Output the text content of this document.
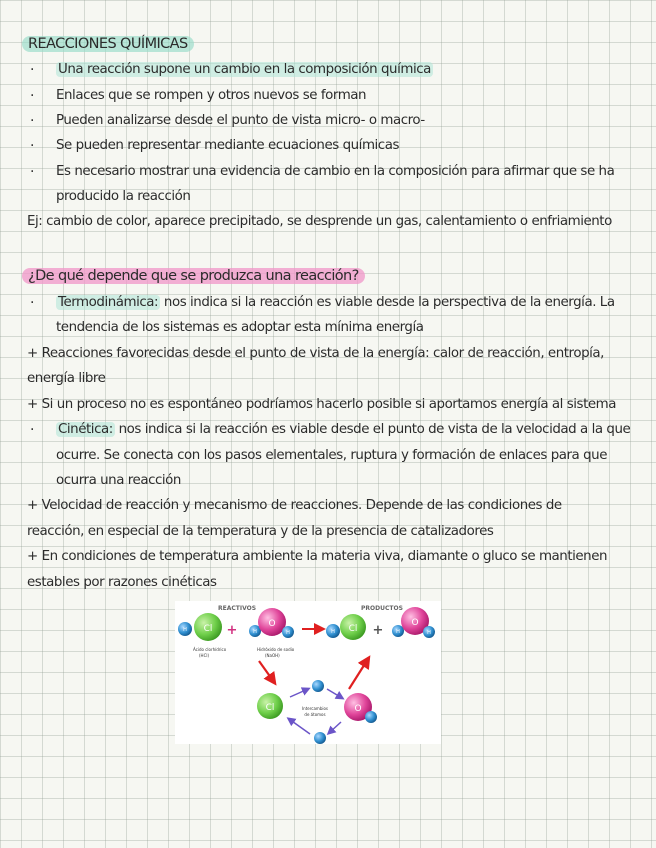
REACCIONES QUÍMICAS
· Una reacción supone un cambio en la composición química
· Enlaces que se rompen y otros nuevos se forman
· Pueden analizarse desde el punto de vista micro- o macro-
· Se pueden representar mediante ecuaciones químicas
· Es necesario mostrar una evidencia de cambio en la composición para afirmar que se ha
producido la reacción
Ej: cambio de color, aparece precipitado, se desprende un gas, calentamiento o enfriamiento
¿De qué depende que se produzca una reacción?
· Termodinámica: nos indica si la reacción es viable desde la perspectiva de la energía. La
tendencia de los sistemas es adoptar esta mínima energía
+ Reacciones favorecidas desde el punto de vista de la energía: calor de reacción, entropía,
energía libre
+ Si un proceso no es espontáneo podríamos hacerlo posible si aportamos energía al sistema
· Cinética: nos indica si la reacción es viable desde el punto de vista de la velocidad a la que
ocurre. Se conecta con los pasos elementales, ruptura y formación de enlaces para que
ocurra una reacción
+ Velocidad de reacción y mecanismo de reacciones. Depende de las condiciones de
reacción, en especial de la temperatura y de la presencia de catalizadores
+ En condiciones de temperatura ambiente la materia viva, diamante o gluco se mantienen
estables por razones cinéticas
REACTIVOS	PRODUCTOS
H Cl +	H
O
H
Ácido clorhídrico
(HCl)
Hidróxido de sodio
(NaOH)
H Cl +	H
O
H
Cl	O
Intercambios
de átomos
